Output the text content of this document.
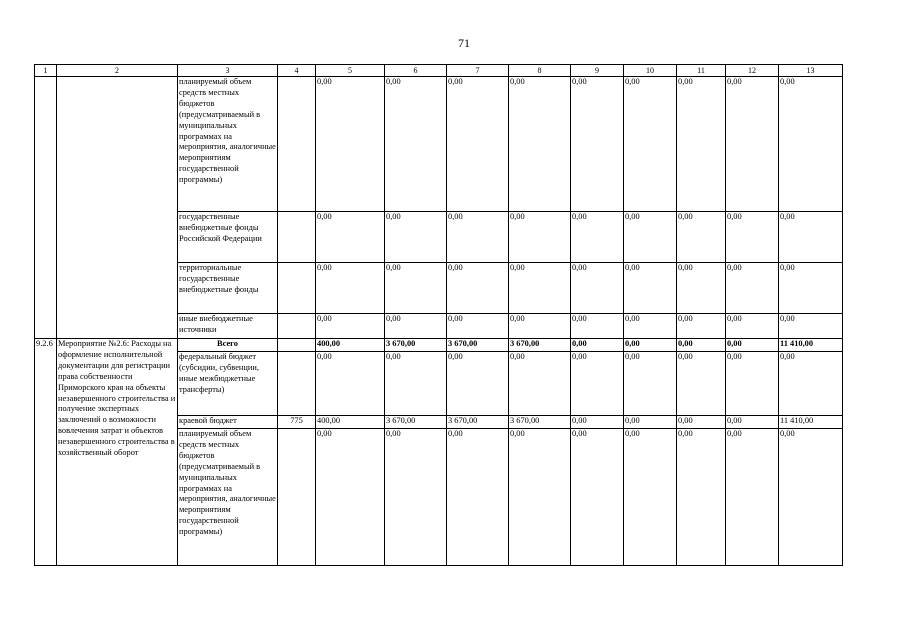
71
1	2	3	4	5	6	7	8	9	10	11	12	13
		планируемый объем средств местных бюджетов (предусматриваемый в муниципальных программах на мероприятия, аналогичные мероприятиям государственной программы)		0,00	0,00	0,00	0,00	0,00	0,00	0,00	0,00	0,00
		государственные внебюджетные фонды Российской Федерации		0,00	0,00	0,00	0,00	0,00	0,00	0,00	0,00	0,00
		территориальные государственные внебюджетные фонды		0,00	0,00	0,00	0,00	0,00	0,00	0,00	0,00	0,00
		иные внебюджетные источники		0,00	0,00	0,00	0,00	0,00	0,00	0,00	0,00	0,00
9.2.6	Мероприятие №2.6: Расходы на оформление исполнительной документации для регистрации права собственности Приморского края на объекты незавершенного строительства и получение экспертных заключений о возможности вовлечения затрат и объектов незавершенного строительства в хозяйственный оборот	Всего		400,00	3 670,00	3 670,00	3 670,00	0,00	0,00	0,00	0,00	11 410,00
		федеральный бюджет (субсидии, субвенции, иные межбюджетные трансферты)		0,00	0,00	0,00	0,00	0,00	0,00	0,00	0,00	0,00
		краевой бюджет	775	400,00	3 670,00	3 670,00	3 670,00	0,00	0,00	0,00	0,00	11 410,00
		планируемый объем средств местных бюджетов (предусматриваемый в муниципальных программах на мероприятия, аналогичные мероприятиям государственной программы)		0,00	0,00	0,00	0,00	0,00	0,00	0,00	0,00	0,00
